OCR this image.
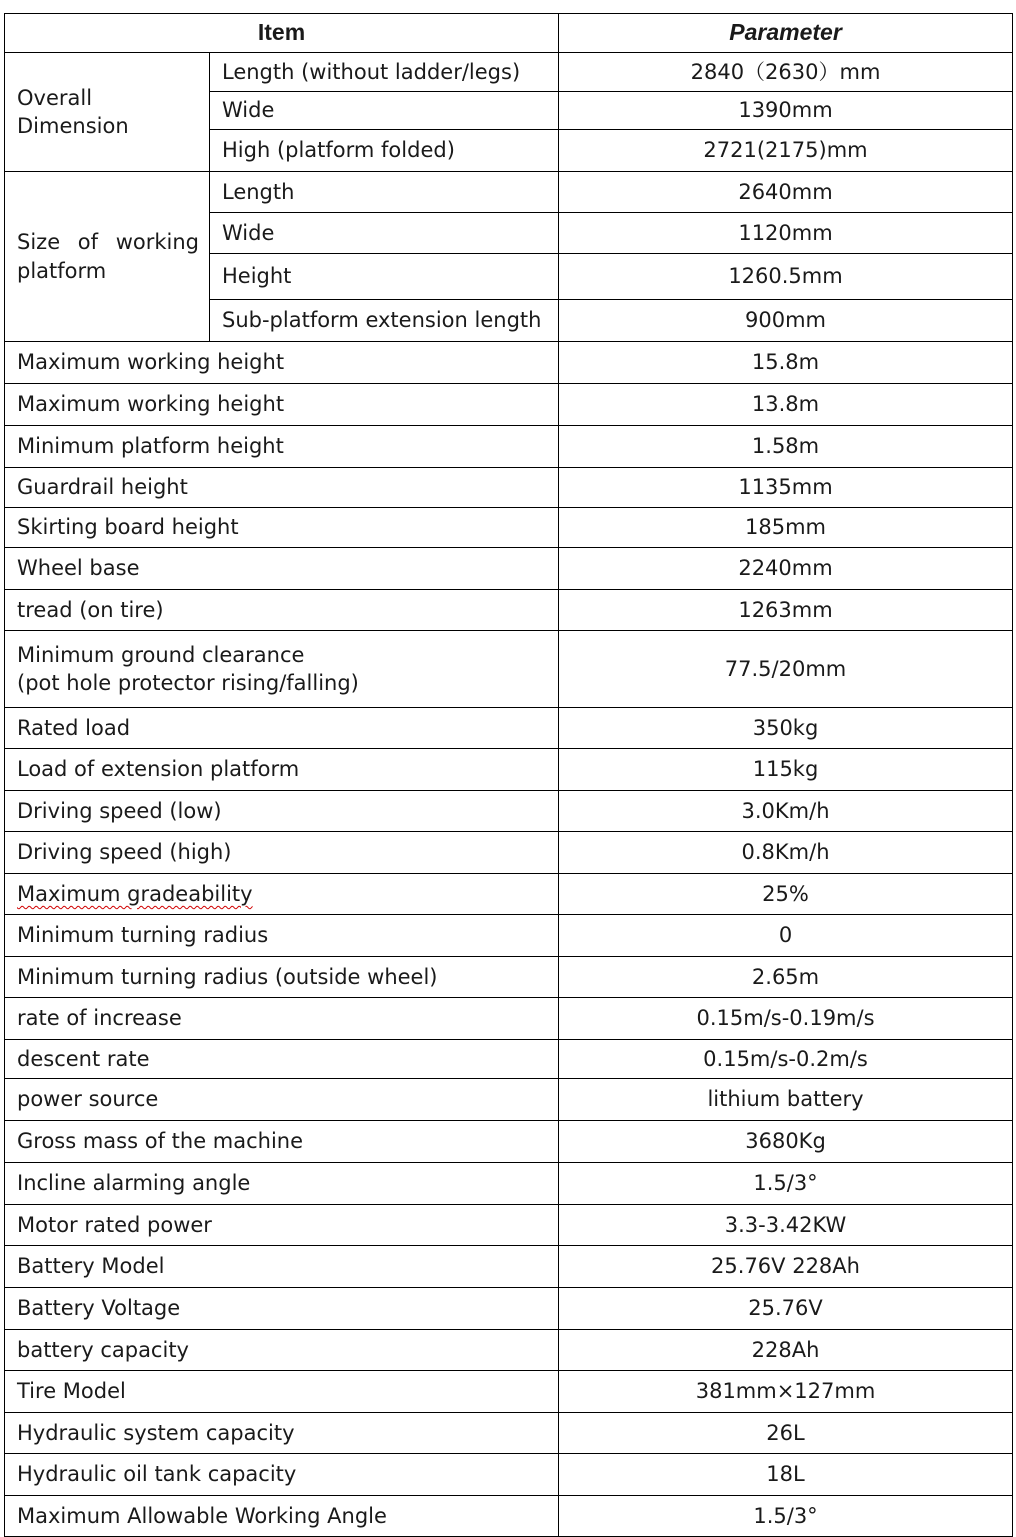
Item		Parameter
Overall Dimension	Length (without ladder/legs)	2840（2630）mm
	Wide	1390mm
	High (platform folded)	2721(2175)mm
Size of working platform	Length	2640mm
	Wide	1120mm
	Height	1260.5mm
	Sub-platform extension length	900mm
Maximum working height		15.8m
Maximum working height		13.8m
Minimum platform height		1.58m
Guardrail height		1135mm
Skirting board height		185mm
Wheel base		2240mm
tread (on tire)		1263mm

Minimum ground clearance
(pot hole protector rising/falling)		77.5/20mm
Rated load		350kg
Load of extension platform		115kg
Driving speed (low)		3.0Km/h
Driving speed (high)		0.8Km/h
Maximum gradeability		25%
Minimum turning radius		0
Minimum turning radius (outside wheel)		2.65m
rate of increase		0.15m/s-0.19m/s
descent rate		0.15m/s-0.2m/s
power source		lithium battery
Gross mass of the machine		3680Kg
Incline alarming angle		1.5/3°
Motor rated power		3.3-3.42KW
Battery Model		25.76V 228Ah
Battery Voltage		25.76V
battery capacity		228Ah
Tire Model		381mm×127mm
Hydraulic system capacity		26L
Hydraulic oil tank capacity		18L
Maximum Allowable Working Angle		1.5/3°
